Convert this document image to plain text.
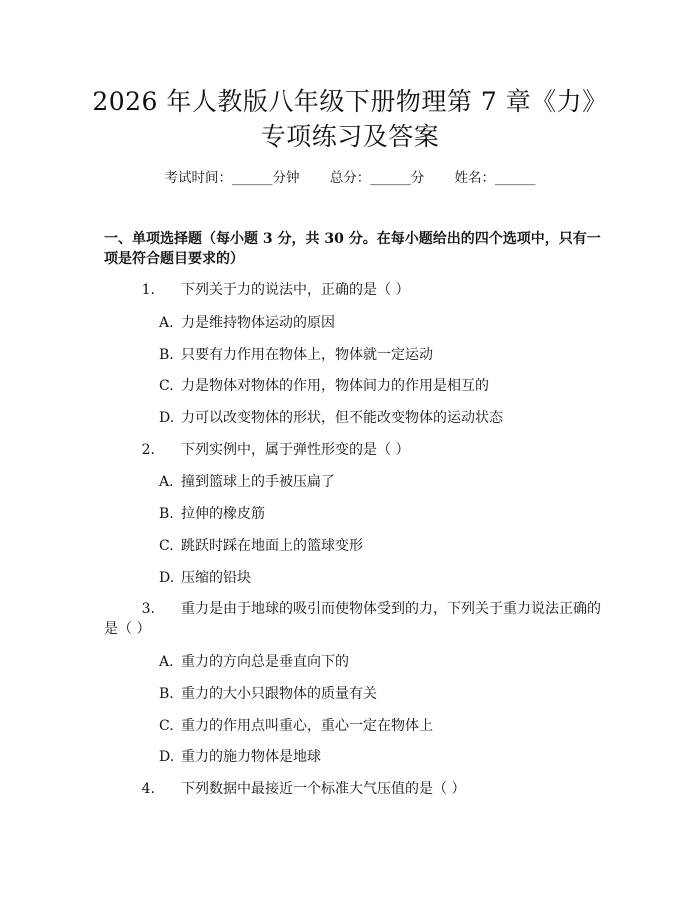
2026 年人教版八年级下册物理第 7 章《力》
专项练习及答案
考试时间：______分钟 总分：______分 姓名：______
一、单项选择题（每小题 3 分，共 30 分。在每小题给出的四个选项中，只有一项是符合题目要求的）
1. 下列关于力的说法中，正确的是（ ）
A. 力是维持物体运动的原因
B. 只要有力作用在物体上，物体就一定运动
C. 力是物体对物体的作用，物体间力的作用是相互的
D. 力可以改变物体的形状，但不能改变物体的运动状态
2. 下列实例中，属于弹性形变的是（ ）
A. 撞到篮球上的手被压扁了
B. 拉伸的橡皮筋
C. 跳跃时踩在地面上的篮球变形
D. 压缩的铅块
3. 重力是由于地球的吸引而使物体受到的力，下列关于重力说法正确的是（ ）
A. 重力的方向总是垂直向下的
B. 重力的大小只跟物体的质量有关
C. 重力的作用点叫重心，重心一定在物体上
D. 重力的施力物体是地球
4. 下列数据中最接近一个标准大气压值的是（ ）
